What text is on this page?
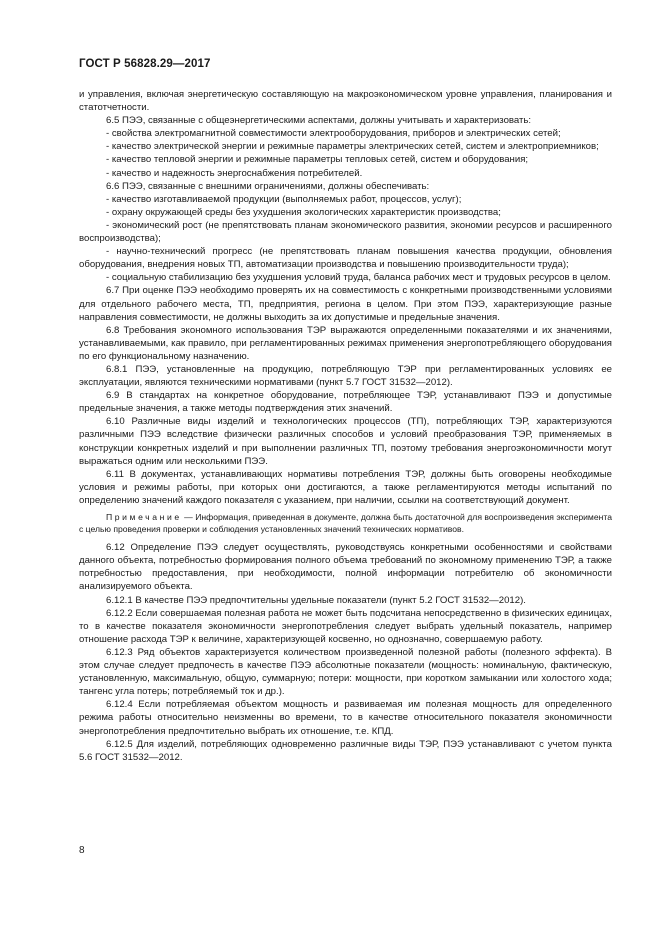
ГОСТ Р 56828.29—2017

и управления, включая энергетическую составляющую на макроэкономическом уровне управления, планирования и статотчетности.

6.5 ПЭЭ, связанные с общеэнергетическими аспектами, должны учитывать и характеризовать:

- свойства электромагнитной совместимости электрооборудования, приборов и электрических сетей;

- качество электрической энергии и режимные параметры электрических сетей, систем и электроприемников;

- качество тепловой энергии и режимные параметры тепловых сетей, систем и оборудования;

- качество и надежность энергоснабжения потребителей.

6.6 ПЭЭ, связанные с внешними ограничениями, должны обеспечивать:

- качество изготавливаемой продукции (выполняемых работ, процессов, услуг);

- охрану окружающей среды без ухудшения экологических характеристик производства;

- экономический рост (не препятствовать планам экономического развития, экономии ресурсов и расширенного воспроизводства);

- научно-технический прогресс (не препятствовать планам повышения качества продукции, обновления оборудования, внедрения новых ТП, автоматизации производства и повышению производительности труда);

- социальную стабилизацию без ухудшения условий труда, баланса рабочих мест и трудовых ресурсов в целом.

6.7 При оценке ПЭЭ необходимо проверять их на совместимость с конкретными производственными условиями для отдельного рабочего места, ТП, предприятия, региона в целом. При этом ПЭЭ, характеризующие разные направления совместимости, не должны выходить за их допустимые и предельные значения.

6.8 Требования экономного использования ТЭР выражаются определенными показателями и их значениями, устанавливаемыми, как правило, при регламентированных режимах применения энергопотребляющего оборудования по его функциональному назначению.

6.8.1 ПЭЭ, установленные на продукцию, потребляющую ТЭР при регламентированных условиях ее эксплуатации, являются техническими нормативами (пункт 5.7 ГОСТ 31532—2012).

6.9 В стандартах на конкретное оборудование, потребляющее ТЭР, устанавливают ПЭЭ и допустимые предельные значения, а также методы подтверждения этих значений.

6.10 Различные виды изделий и технологических процессов (ТП), потребляющих ТЭР, характеризуются различными ПЭЭ вследствие физически различных способов и условий преобразования ТЭР, применяемых в конструкции конкретных изделий и при выполнении различных ТП, поэтому требования энергоэкономичности могут выражаться одним или несколькими ПЭЭ.

6.11 В документах, устанавливающих нормативы потребления ТЭР, должны быть оговорены необходимые условия и режимы работы, при которых они достигаются, а также регламентируются методы испытаний по определению значений каждого показателя с указанием, при наличии, ссылки на соответствующий документ.

Примечание — Информация, приведенная в документе, должна быть достаточной для воспроизведения эксперимента с целью проведения проверки и соблюдения установленных значений технических нормативов.

6.12 Определение ПЭЭ следует осуществлять, руководствуясь конкретными особенностями и свойствами данного объекта, потребностью формирования полного объема требований по экономному применению ТЭР, а также потребностью предоставления, при необходимости, полной информации потребителю об экономичности анализируемого объекта.

6.12.1 В качестве ПЭЭ предпочтительны удельные показатели (пункт 5.2 ГОСТ 31532—2012).

6.12.2 Если совершаемая полезная работа не может быть подсчитана непосредственно в физических единицах, то в качестве показателя экономичности энергопотребления следует выбрать удельный показатель, например отношение расхода ТЭР к величине, характеризующей косвенно, но однозначно, совершаемую работу.

6.12.3 Ряд объектов характеризуется количеством произведенной полезной работы (полезного эффекта). В этом случае следует предпочесть в качестве ПЭЭ абсолютные показатели (мощность: номинальную, фактическую, установленную, максимальную, общую, суммарную; потери: мощности, при коротком замыкании или холостого хода; тангенс угла потерь; потребляемый ток и др.).

6.12.4 Если потребляемая объектом мощность и развиваемая им полезная мощность для определенного режима работы относительно неизменны во времени, то в качестве относительного показателя экономичности энергопотребления предпочтительно выбрать их отношение, т.е. КПД.

6.12.5 Для изделий, потребляющих одновременно различные виды ТЭР, ПЭЭ устанавливают с учетом пункта 5.6 ГОСТ 31532—2012.

8
